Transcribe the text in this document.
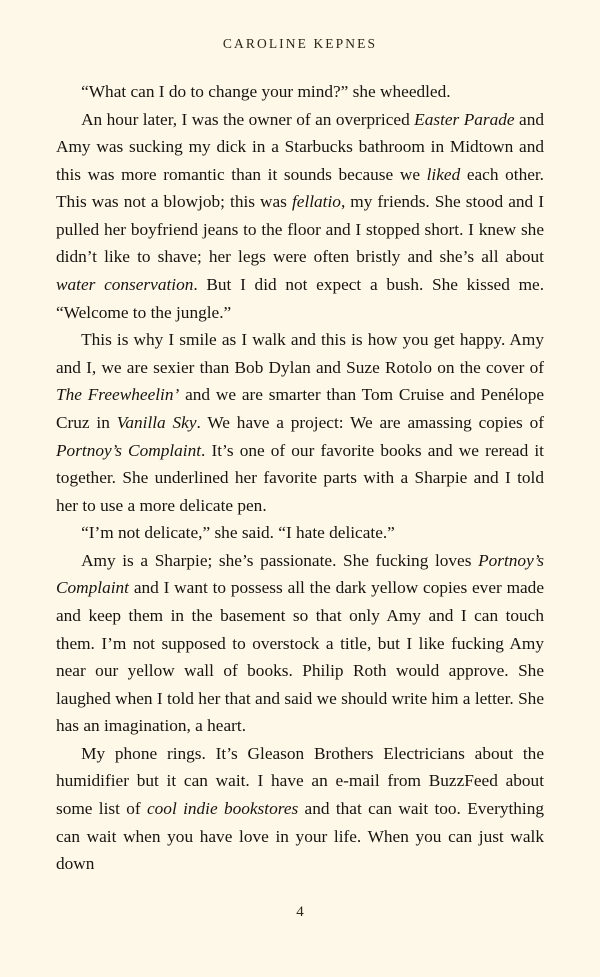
CAROLINE KEPNES

“What can I do to change your mind?” she wheedled.

An hour later, I was the owner of an overpriced Easter Parade and Amy was sucking my dick in a Starbucks bathroom in Midtown and this was more romantic than it sounds because we liked each other. This was not a blowjob; this was fellatio, my friends. She stood and I pulled her boyfriend jeans to the floor and I stopped short. I knew she didn’t like to shave; her legs were often bristly and she’s all about water conservation. But I did not expect a bush. She kissed me. “Welcome to the jungle.”

This is why I smile as I walk and this is how you get happy. Amy and I, we are sexier than Bob Dylan and Suze Rotolo on the cover of The Freewheelin’ and we are smarter than Tom Cruise and Penélope Cruz in Vanilla Sky. We have a project: We are amassing copies of Portnoy’s Complaint. It’s one of our favorite books and we reread it together. She underlined her favorite parts with a Sharpie and I told her to use a more delicate pen.

“I’m not delicate,” she said. “I hate delicate.”

Amy is a Sharpie; she’s passionate. She fucking loves Portnoy’s Complaint and I want to possess all the dark yellow copies ever made and keep them in the basement so that only Amy and I can touch them. I’m not supposed to overstock a title, but I like fucking Amy near our yellow wall of books. Philip Roth would approve. She laughed when I told her that and said we should write him a letter. She has an imagination, a heart.

My phone rings. It’s Gleason Brothers Electricians about the humidifier but it can wait. I have an e-mail from BuzzFeed about some list of cool indie bookstores and that can wait too. Everything can wait when you have love in your life. When you can just walk down

4
